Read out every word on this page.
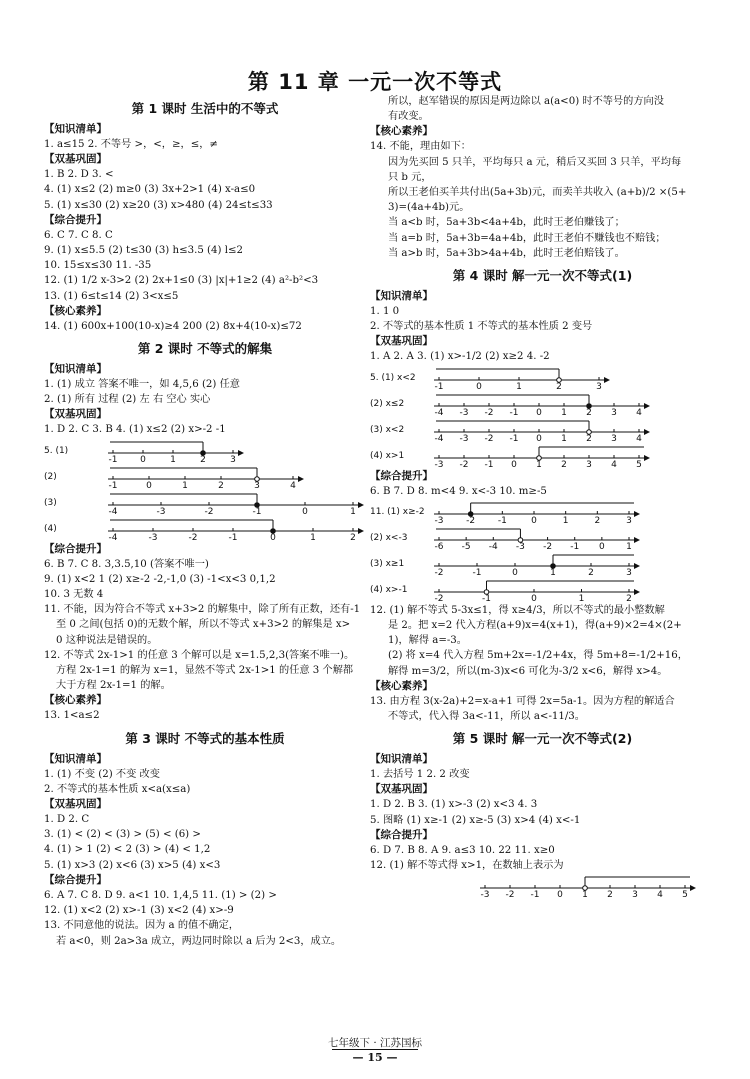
第 11 章 一元一次不等式
第 1 课时 生活中的不等式
【知识清单】
1. a≤15 2. 不等号 >，<，≥，≤，≠
【双基巩固】
1. B 2. D 3. <
4. (1) x≤2 (2) m≥0 (3) 3x+2>1 (4) x-a≤0
5. (1) x≤30 (2) x≥20 (3) x>480 (4) 24≤t≤33
【综合提升】
6. C 7. C 8. C
9. (1) x≤5.5 (2) t≤30 (3) h≤3.5 (4) l≤2
10. 15≤x≤30 11. -35
12. (1) 1/2 x-3>2 (2) 2x+1≤0 (3) |x|+1≥2 (4) a²-b²<3
13. (1) 6≤t≤14 (2) 3<x≤5
【核心素养】
14. (1) 600x+100(10-x)≥4 200 (2) 8x+4(10-x)≤72
第 2 课时 不等式的解集
【知识清单】
1. (1) 成立 答案不唯一，如 4,5,6 (2) 任意
2. (1) 所有 过程 (2) 左 右 空心 实心
【双基巩固】
1. D 2. C 3. B 4. (1) x≤2 (2) x>-2 -1
5. (1)
-1	0	1	2	3
(2)
-1	0	1	2	3	4
(3)
-4	-3	-2	-1	0	1
(4)
-4	-3	-2	-1	0	1	2
【综合提升】
6. B 7. C 8. 3,3.5,10 (答案不唯一)
9. (1) x<2 1 (2) x≥-2 -2,-1,0 (3) -1<x<3 0,1,2
10. 3 无数 4
11. 不能，因为符合不等式 x+3>2 的解集中，除了所有正数，还有-1
至 0 之间(包括 0)的无数个解，所以不等式 x+3>2 的解集是 x>
0 这种说法是错误的。
12. 不等式 2x-1>1 的任意 3 个解可以是 x=1.5,2,3(答案不唯一)。
方程 2x-1=1 的解为 x=1，显然不等式 2x-1>1 的任意 3 个解都
大于方程 2x-1=1 的解。
【核心素养】
13. 1<a≤2
第 3 课时 不等式的基本性质
【知识清单】
1. (1) 不变 (2) 不变 改变
2. 不等式的基本性质 x<a(x≤a)
【双基巩固】
1. D 2. C
3. (1) < (2) < (3) > (5) < (6) >
4. (1) > 1 (2) < 2 (3) > (4) < 1,2
5. (1) x>3 (2) x<6 (3) x>5 (4) x<3
【综合提升】
6. A 7. C 8. D 9. a<1 10. 1,4,5 11. (1) > (2) >
12. (1) x<2 (2) x>-1 (3) x<2 (4) x>-9
13. 不同意他的说法。因为 a 的值不确定，
若 a<0，则 2a>3a 成立，两边同时除以 a 后为 2<3，成立。
所以，赵军错误的原因是两边除以 a(a<0) 时不等号的方向没
有改变。
【核心素养】
14. 不能，理由如下：
因为先买回 5 只羊，平均每只 a 元，稍后又买回 3 只羊，平均每
只 b 元，
所以王老伯买羊共付出(5a+3b)元，而卖羊共收入 (a+b)/2 ×(5+
3)=(4a+4b)元。
当 a<b 时，5a+3b<4a+4b，此时王老伯赚钱了；
当 a=b 时，5a+3b=4a+4b，此时王老伯不赚钱也不赔钱；
当 a>b 时，5a+3b>4a+4b，此时王老伯赔钱了。
第 4 课时 解一元一次不等式(1)
【知识清单】
1. 1 0
2. 不等式的基本性质 1 不等式的基本性质 2 变号
【双基巩固】
1. A 2. A 3. (1) x>-1/2 (2) x≥2 4. -2
5. (1) x<2
-1	0	1	2	3
(2) x≤2
-4 -3 -2 -1 0 1 2 3 4
(3) x<2
-4 -3 -2 -1 0 1 2 3 4
(4) x>1
-3 -2 -1 0 1 2 3 4 5
【综合提升】
6. B 7. D 8. m<4 9. x<-3 10. m≥-5
11. (1) x≥-2
-3	-2	-1	0	1	2	3
(2) x<-3
-6 -5 -4 -3 -2 -1 0 1
(3) x≥1
-2	-1	0	1	2	3
(4) x>-1
-2	-1	0	1	2
12. (1) 解不等式 5-3x≤1，得 x≥4/3，所以不等式的最小整数解
是 2。把 x=2 代入方程(a+9)x=4(x+1)，得(a+9)×2=4×(2+
1)，解得 a=-3。
(2) 将 x=4 代入方程 5m+2x=-1/2+4x，得 5m+8=-1/2+16，
解得 m=3/2，所以(m-3)x<6 可化为-3/2 x<6，解得 x>4。
【核心素养】
13. 由方程 3(x-2a)+2=x-a+1 可得 2x=5a-1。因为方程的解适合
不等式，代入得 3a<-11，所以 a<-11/3。
第 5 课时 解一元一次不等式(2)
【知识清单】
1. 去括号 1 2. 2 改变
【双基巩固】
1. D 2. B 3. (1) x>-3 (2) x<3 4. 3
5. 图略 (1) x≥-1 (2) x≥-5 (3) x>4 (4) x<-1
【综合提升】
6. D 7. B 8. A 9. a≤3 10. 22 11. x≥0
12. (1) 解不等式得 x>1，在数轴上表示为
-3 -2 -1 0 1 2 3 4 5
七年级下 · 江苏国标
— 15 —
